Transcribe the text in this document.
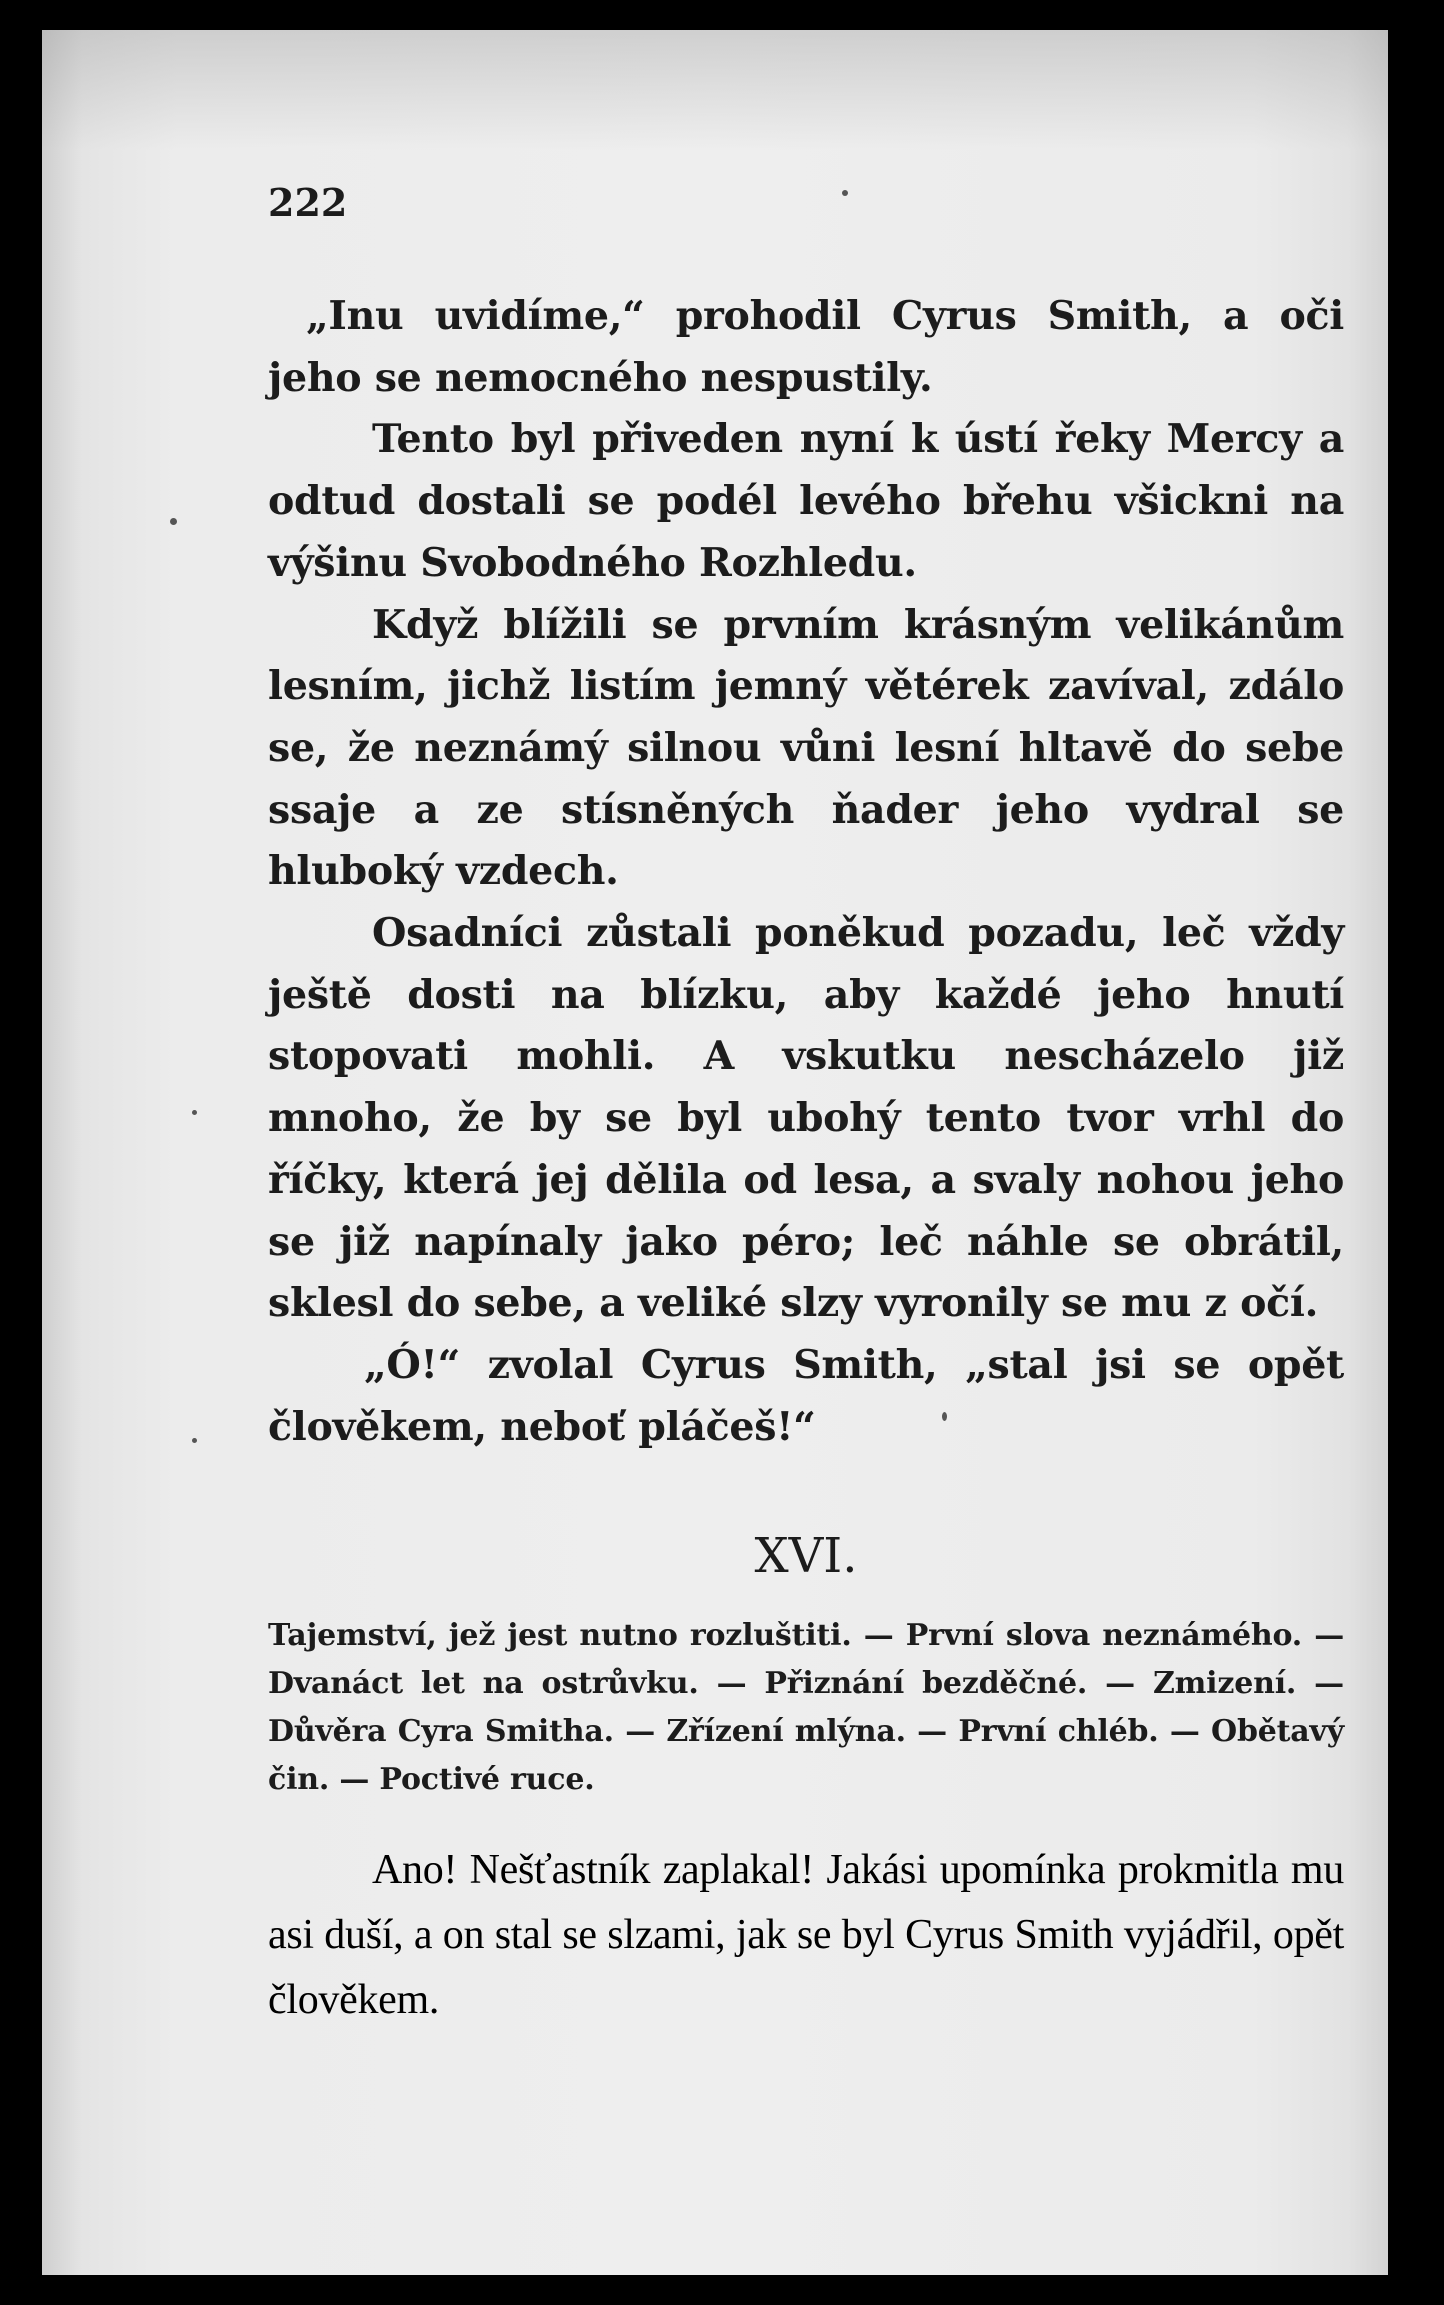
222

„Inu uvidíme,“ prohodil Cyrus Smith, a oči jeho se nemocného nespustily.

Tento byl přiveden nyní k ústí řeky Mercy a odtud dostali se podél levého břehu všickni na výšinu Svobodného Rozhledu.

Když blížili se prvním krásným velikánům lesním, jichž listím jemný větérek zavíval, zdálo se, že neznámý silnou vůni lesní hltavě do sebe ssaje a ze stísněných ňader jeho vydral se hluboký vzdech.

Osadníci zůstali poněkud pozadu, leč vždy ještě dosti na blízku, aby každé jeho hnutí stopovati mohli. A vskutku nescházelo již mnoho, že by se byl ubohý tento tvor vrhl do říčky, která jej dělila od lesa, a svaly nohou jeho se již napínaly jako péro; leč náhle se obrátil, sklesl do sebe, a veliké slzy vyronily se mu z očí.

„Ó!“ zvolal Cyrus Smith, „stal jsi se opět člověkem, neboť pláčeš!“

XVI.

Tajemství, jež jest nutno rozluštiti. — První slova neznámého. — Dvanáct let na ostrůvku. — Přiznání bezděčné. — Zmizení. — Důvěra Cyra Smitha. — Zřízení mlýna. — První chléb. — Obětavý čin. — Poctivé ruce.

Ano! Nešťastník zaplakal! Jakási upomínka prokmitla mu asi duší, a on stal se slzami, jak se byl Cyrus Smith vyjádřil, opět člověkem.
